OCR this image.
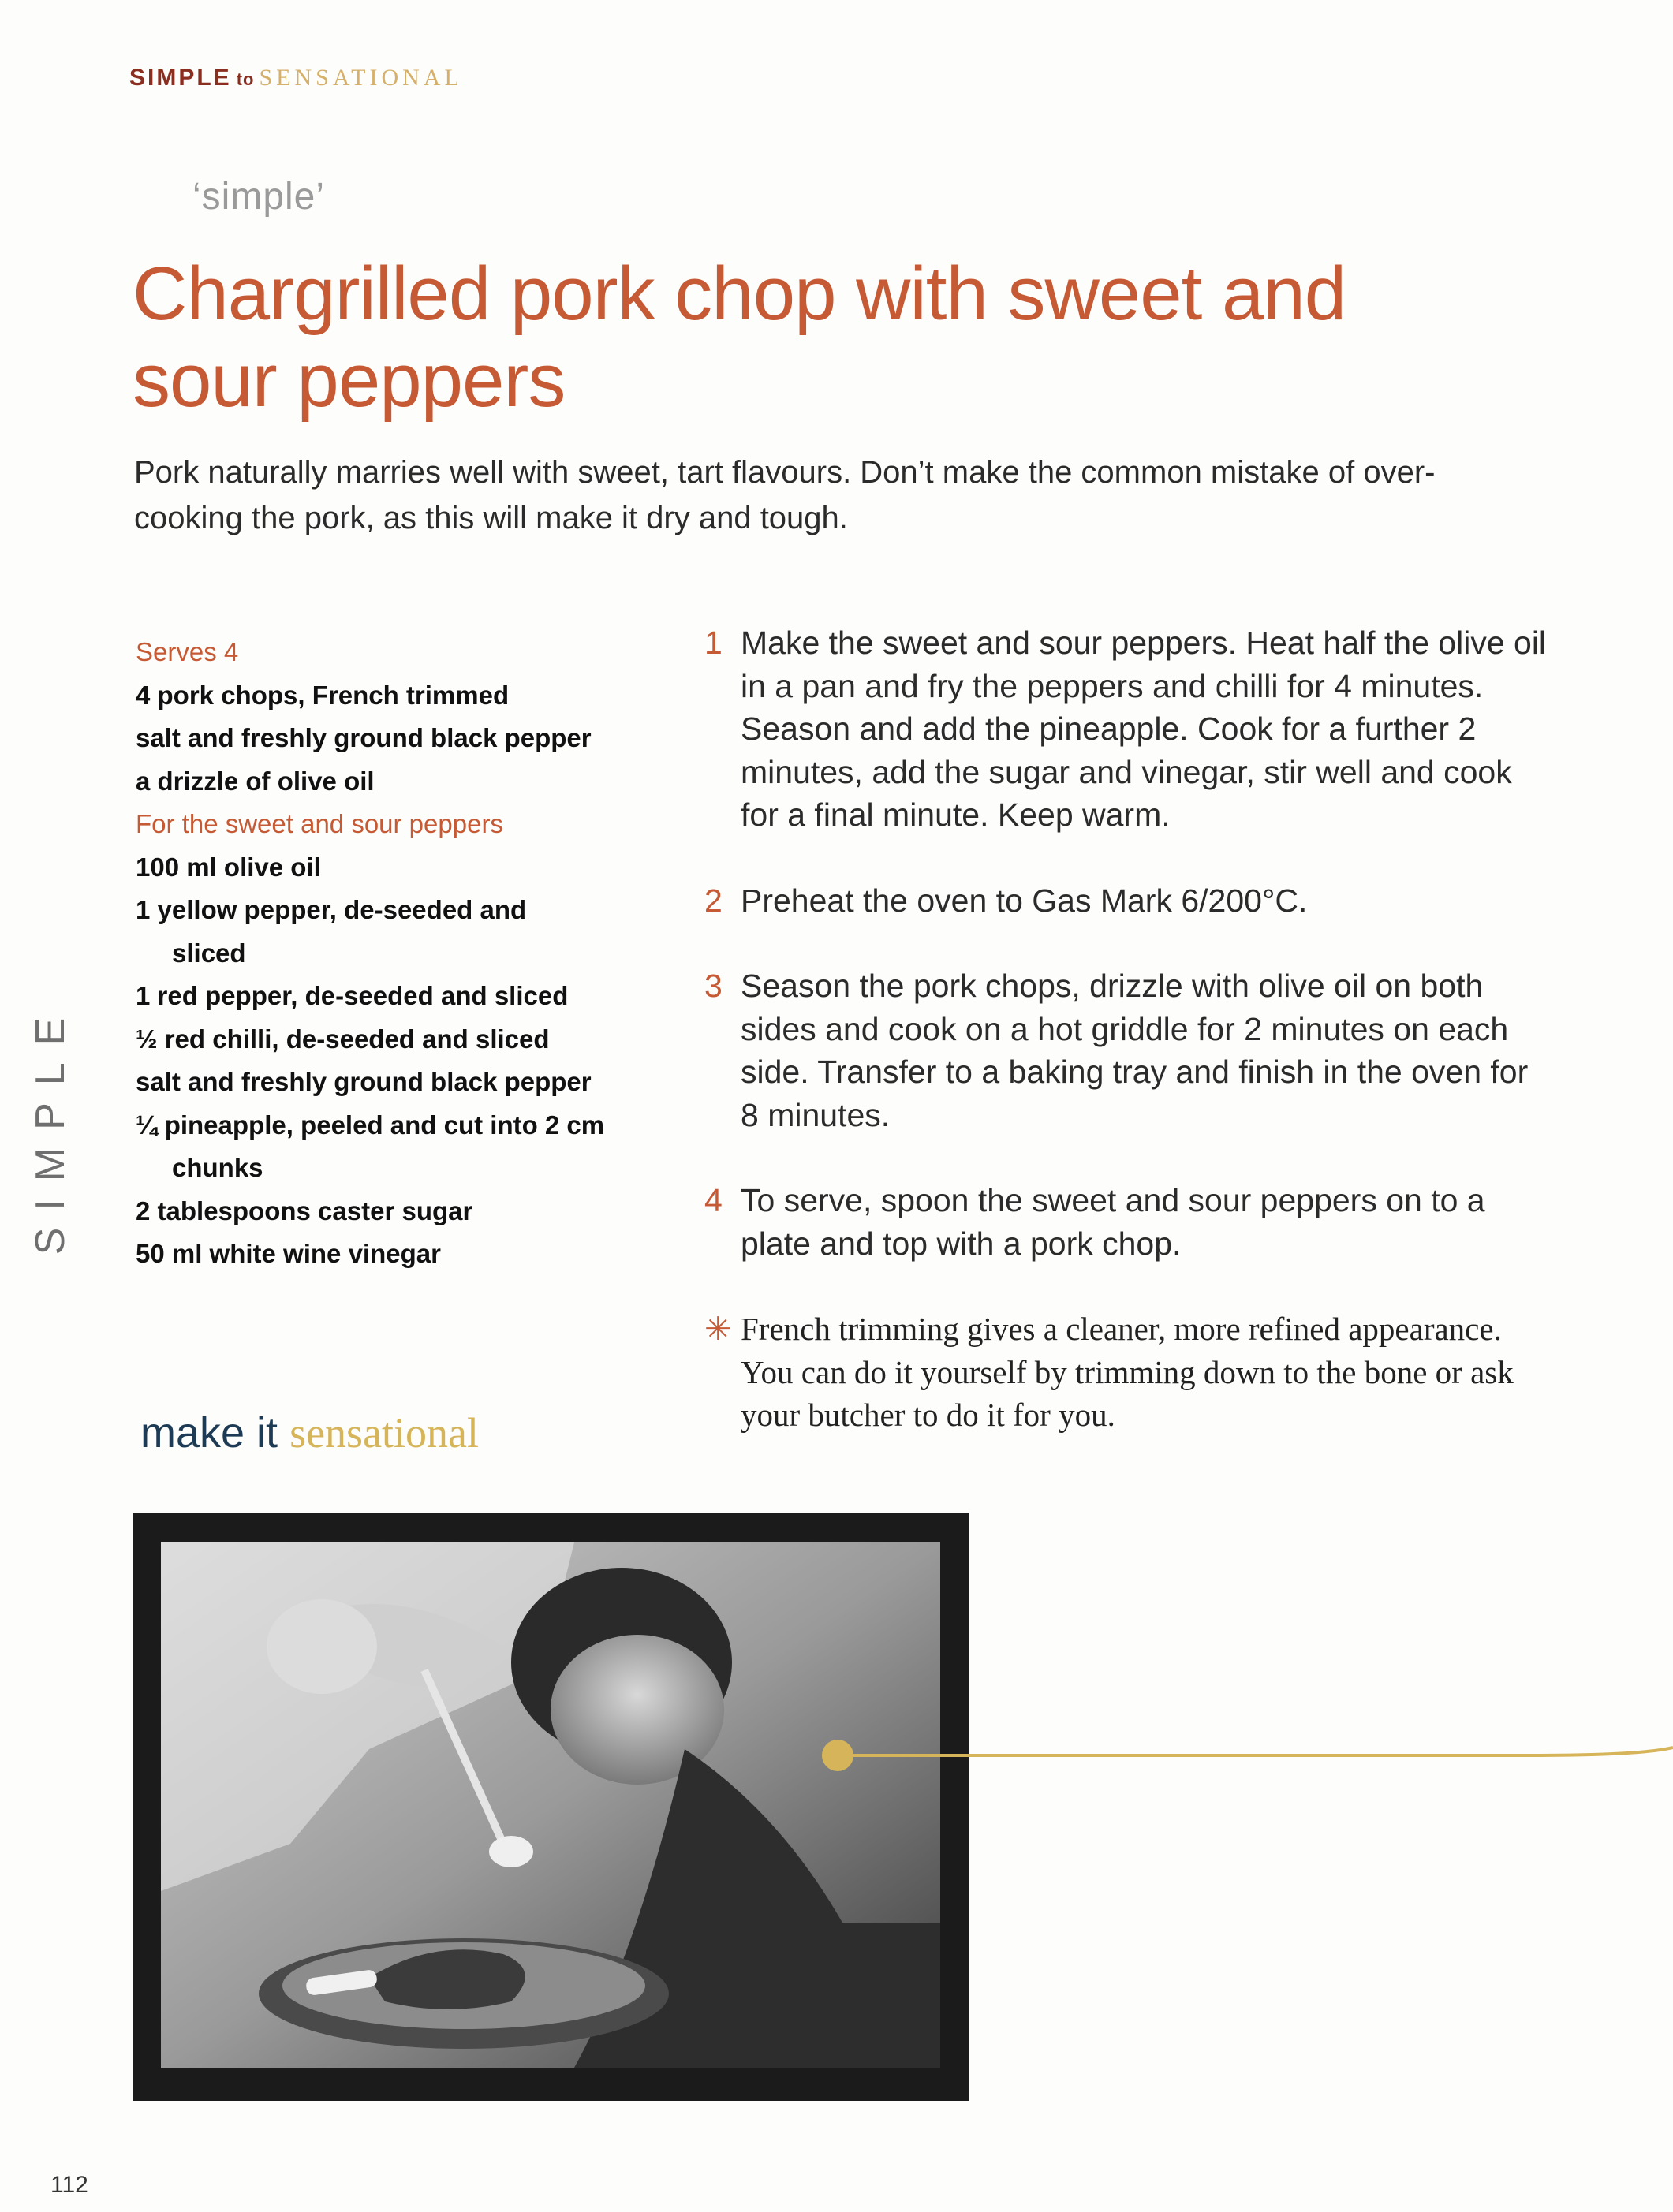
SIMPLE to SENSATIONAL
‘simple’
Chargrilled pork chop with sweet and sour peppers
Pork naturally marries well with sweet, tart flavours. Don’t make the common mistake of over-cooking the pork, as this will make it dry and tough.
Serves 4
4 pork chops, French trimmed
salt and freshly ground black pepper
a drizzle of olive oil
For the sweet and sour peppers
100 ml olive oil
1 yellow pepper, de-seeded and
sliced
1 red pepper, de-seeded and sliced
½ red chilli, de-seeded and sliced
salt and freshly ground black pepper
¼ pineapple, peeled and cut into 2 cm
chunks
2 tablespoons caster sugar
50 ml white wine vinegar
1 Make the sweet and sour peppers. Heat half the olive oil in a pan and fry the peppers and chilli for 4 minutes. Season and add the pineapple. Cook for a further 2 minutes, add the sugar and vinegar, stir well and cook for a final minute. Keep warm.
2 Preheat the oven to Gas Mark 6/200°C.
3 Season the pork chops, drizzle with olive oil on both sides and cook on a hot griddle for 2 minutes on each side. Transfer to a baking tray and finish in the oven for 8 minutes.
4 To serve, spoon the sweet and sour peppers on to a plate and top with a pork chop.
✳ French trimming gives a cleaner, more refined appearance. You can do it yourself by trimming down to the bone or ask your butcher to do it for you.
SIMPLE
make it sensational
112
